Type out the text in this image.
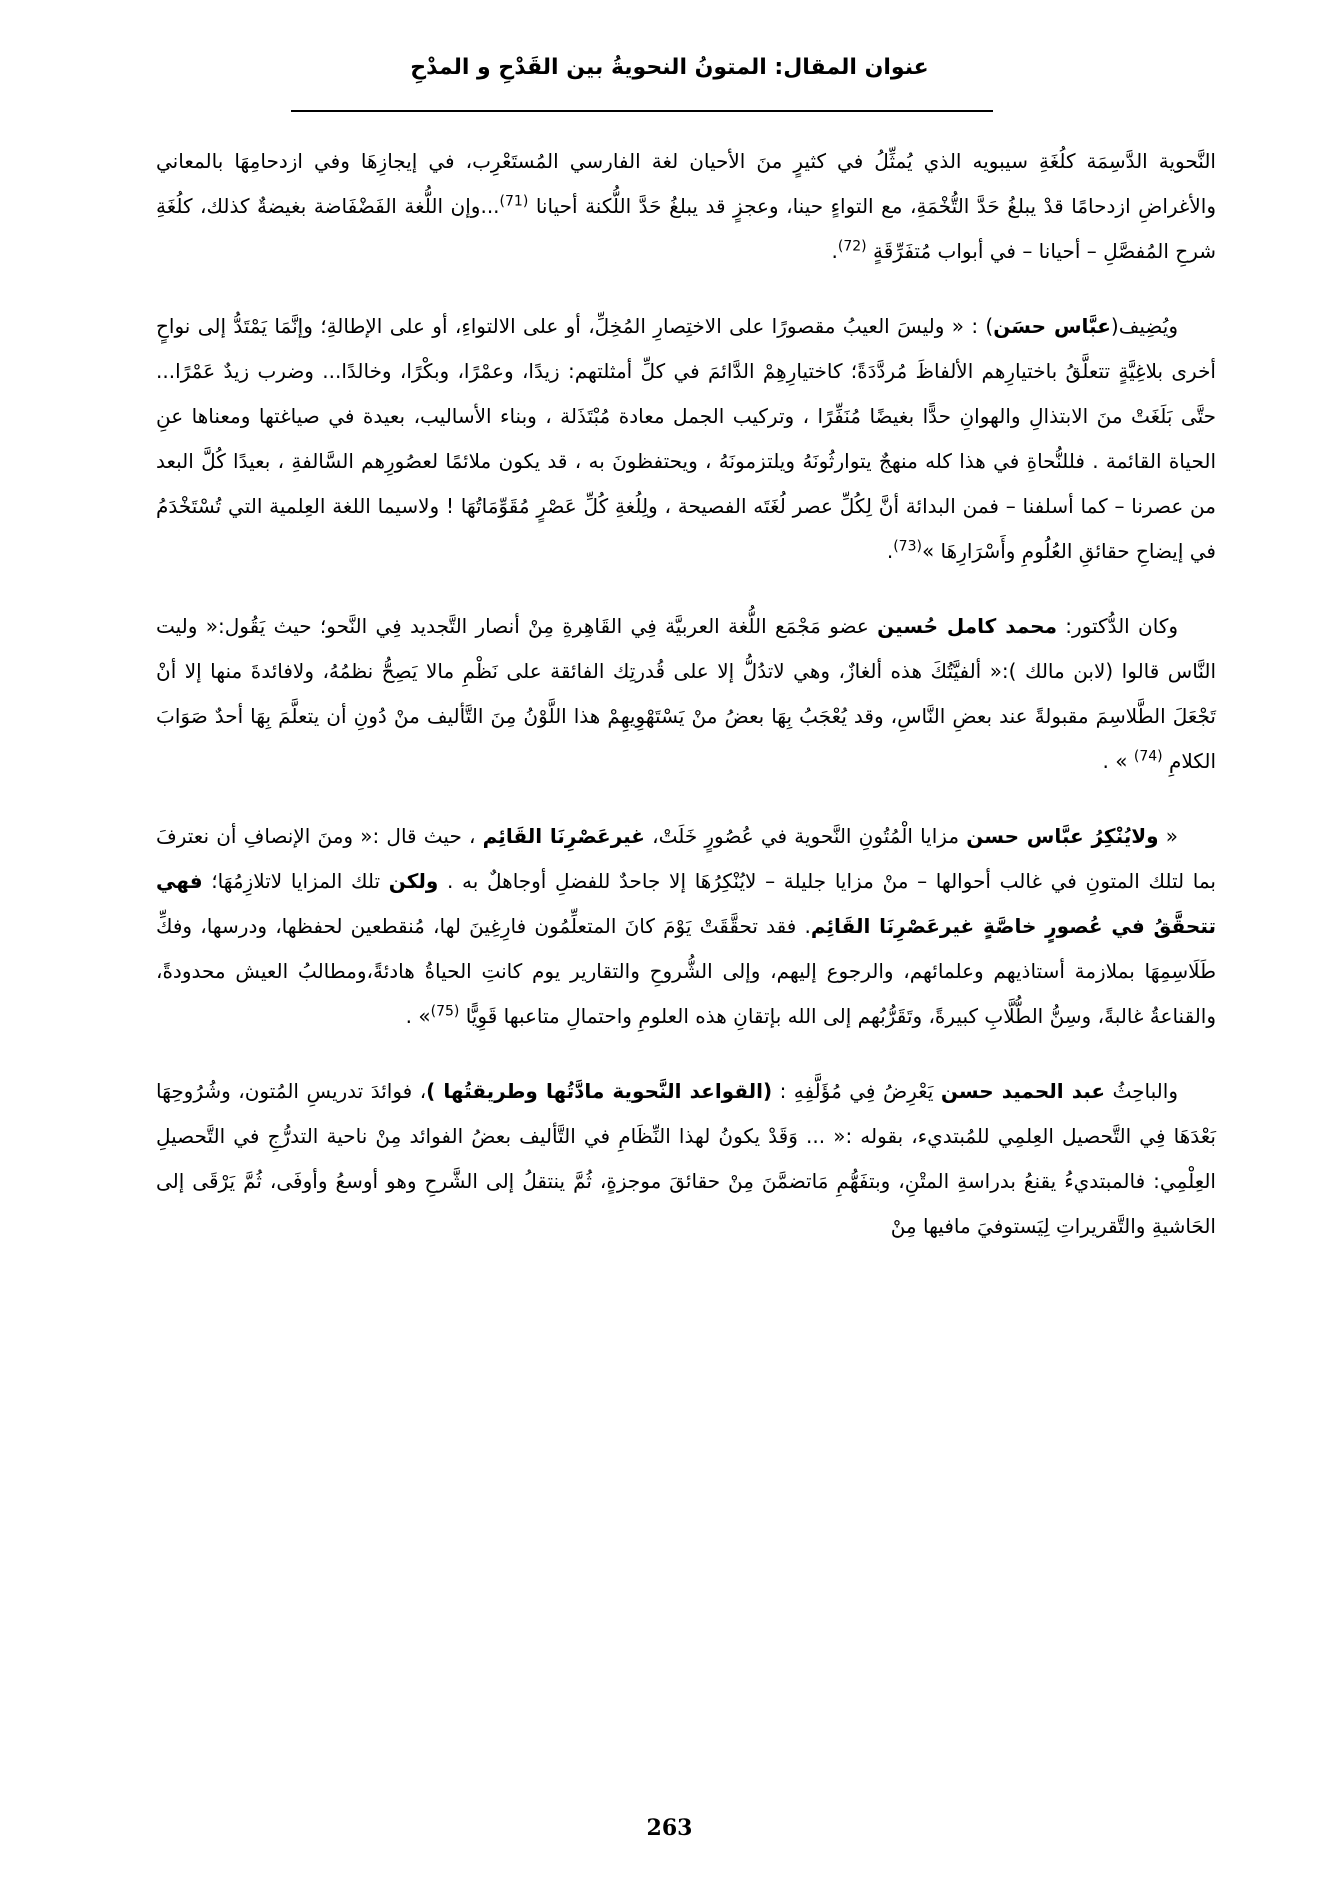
عنوان المقال: المتونُ النحويةُ بين القَدْحِ و المدْحِ

النَّحوية الدَّسِمَة كلُغَةِ سيبويه الذي يُمثِّلُ في كثيرٍ منَ الأحيان لغة الفارسي المُستَعْرِب، في إيجازِهَا وفي ازدحامِهَا بالمعاني والأغراضِ ازدحامًا قدْ يبلغُ حَدَّ التُّخْمَةِ، مع التواءٍ حينا، وعجزٍ قد يبلغُ حَدَّ اللُّكنة أحيانا $^{(71)}$...وإن اللُّغة الفَضْفَاضة بغيضةٌ كذلك، كلُغَةِ شرحِ المُفصَّلِ – أحيانا – في أبواب مُتفَرِّقَةٍ $^{(72)}$.

ويُضِيف(عبَّاس حسَن) : « وليسَ العيبُ مقصورًا على الاختِصارِ المُخِلِّ، أو على الالتواءِ، أو على الإطالةِ؛ وإنَّمَا يَمْتَدُّ إلى نواحٍ أخرى بلاغِيَّةٍ تتعلَّقُ باختيارِهم الألفاظَ مُردَّدَةً؛ كاختيارِهِمْ الدَّائمَ في كلِّ أمثلتهم: زيدًا، وعمْرًا، وبكْرًا، وخالدًا... وضرب زيدٌ عَمْرًا... حتَّى بَلَغَتْ منَ الابتذالِ والهوانِ حدًّا بغيضًا مُنَفِّرًا ، وتركيب الجمل معادة مُبْتَذَلة ، وبناء الأساليب، بعيدة في صياغتها ومعناها عنِ الحياة القائمة . فللنُّحاةِ في هذا كله منهجٌ يتوارثُونَهُ ويلتزمونَهُ ، ويحتفظونَ به ، قد يكون ملائمًا لعصُورِهم السَّالفةِ ، بعيدًا كُلَّ البعد من عصرنا – كما أسلفنا – فمن البدائة أنَّ لِكُلِّ عصر لُغَتَه الفصيحة ، ولِلُغةِ كُلِّ عَصْرٍ مُقَوِّمَاتُهَا ! ولاسيما اللغة العِلمية التي تُسْتَخْدَمُ في إيضاحِ حقائقِ العُلُومِ وأَسْرَارِهَا »$^{(73)}$.

وكان الدُّكتور: محمد كامل حُسين عضو مَجْمَع اللُّغة العربيَّة فِي القَاهِرةِ مِنْ أنصار التَّجديد فِي النَّحو؛ حيث يَقُول:« وليت النَّاس قالوا (لابن مالك ):« ألفيَّتُكَ هذه ألغازٌ، وهي لاتدُلُّ إلا على قُدرتِك الفائقة على نَظْمِ مالا يَصِحُّ نظمُهُ، ولافائدةَ منها إلا أنْ تَجْعَلَ الطَّلاسِمَ مقبولةً عند بعضِ النَّاسِ، وقد يُعْجَبُ بِهَا بعضُ منْ يَسْتَهْوِيهِمْ هذا اللَّوْنُ مِنَ التَّأليف منْ دُونِ أن يتعلَّمَ بِهَا أحدٌ صَوَابَ الكلامِ $^{(74)}$ » .

« ولايُنْكِرُ عبَّاس حسن مزايا الْمُتُونِ النَّحوية في عُصُورٍ خَلَتْ، غيرعَصْرِنَا القَائِم ، حيث قال :« ومنَ الإنصافِ أن نعترفَ بما لتلك المتونِ في غالب أحوالها – منْ مزايا جليلة – لايُنْكِرُهَا إلا جاحدٌ للفضلِ أوجاهلٌ به . ولكن تلك المزايا لاتلازِمُهَا؛ فهي تتحقَّقُ في عُصورٍ خاصَّةٍ غيرعَصْرِنَا القَائِم. فقد تحقَّقَتْ يَوْمَ كانَ المتعلِّمُون فارِغِينَ لها، مُنقطعين لحفظها، ودرسها، وفكِّ طَلَاسِمِهَا بملازمة أستاذيهم وعلمائهم، والرجوع إليهم، وإلى الشُّروحِ والتقارير يوم كانتِ الحياةُ هادئةً،ومطالبُ العيش محدودةً، والقناعةُ غالبةً، وسِنُّ الطُّلَّابِ كبيرةً، وتَقَرُّبُهم إلى الله بإتقانِ هذه العلومِ واحتمالِ متاعبها قَوِيًّا $^{(75)}$» .

والباحِثُ عبد الحميد حسن يَعْرِضُ فِي مُؤَلَّفِهِ : (القواعد النَّحوية مادَّتُها وطريقتُها )، فوائدَ تدريسِ المُتون، وشُرُوحِهَا بَعْدَهَا فِي التَّحصيل العِلمِي للمُبتديء، بقوله :« ... وَقَدْ يكونُ لهذا النِّظَامِ في التَّأليف بعضُ الفوائد مِنْ ناحية التدرُّجِ في التَّحصيلِ العِلْمِي: فالمبتديءُ يقنعُ بدراسةِ المتْنِ، وبتفَهُّمِ مَاتضمَّنَ مِنْ حقائقَ موجزةٍ، ثُمَّ ينتقلُ إلى الشَّرحِ وهو أوسعُ وأوفَى، ثُمَّ يَرْقَى إلى الحَاشيةِ والتَّقريراتِ لِيَستوفيَ مافيها مِنْ

263
